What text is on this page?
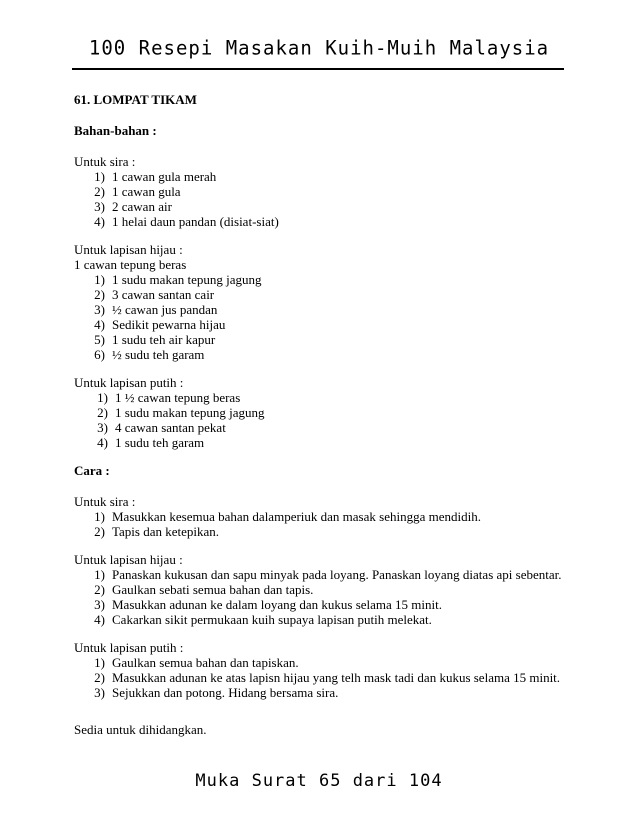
100 Resepi Masakan Kuih-Muih Malaysia
61. LOMPAT TIKAM
Bahan-bahan :
Untuk sira :
1) 1 cawan gula merah
2) 1 cawan gula
3) 2 cawan air
4) 1 helai daun pandan (disiat-siat)
Untuk lapisan hijau :
1 cawan tepung beras
1) 1 sudu makan tepung jagung
2) 3 cawan santan cair
3) ½ cawan jus pandan
4) Sedikit pewarna hijau
5) 1 sudu teh air kapur
6) ½ sudu teh garam
Untuk lapisan putih :
1) 1 ½ cawan tepung beras
2) 1 sudu makan tepung jagung
3) 4 cawan santan pekat
4) 1 sudu teh garam
Cara :
Untuk sira :
1) Masukkan kesemua bahan dalamperiuk dan masak sehingga mendidih.
2) Tapis dan ketepikan.
Untuk lapisan hijau :
1) Panaskan kukusan dan sapu minyak pada loyang. Panaskan loyang diatas api sebentar.
2) Gaulkan sebati semua bahan dan tapis.
3) Masukkan adunan ke dalam loyang dan kukus selama 15 minit.
4) Cakarkan sikit permukaan kuih supaya lapisan putih melekat.
Untuk lapisan putih :
1) Gaulkan semua bahan dan tapiskan.
2) Masukkan adunan ke atas lapisn hijau yang telh mask tadi dan kukus selama 15 minit.
3) Sejukkan dan potong. Hidang bersama sira.
Sedia untuk dihidangkan.
Muka Surat 65 dari 104
